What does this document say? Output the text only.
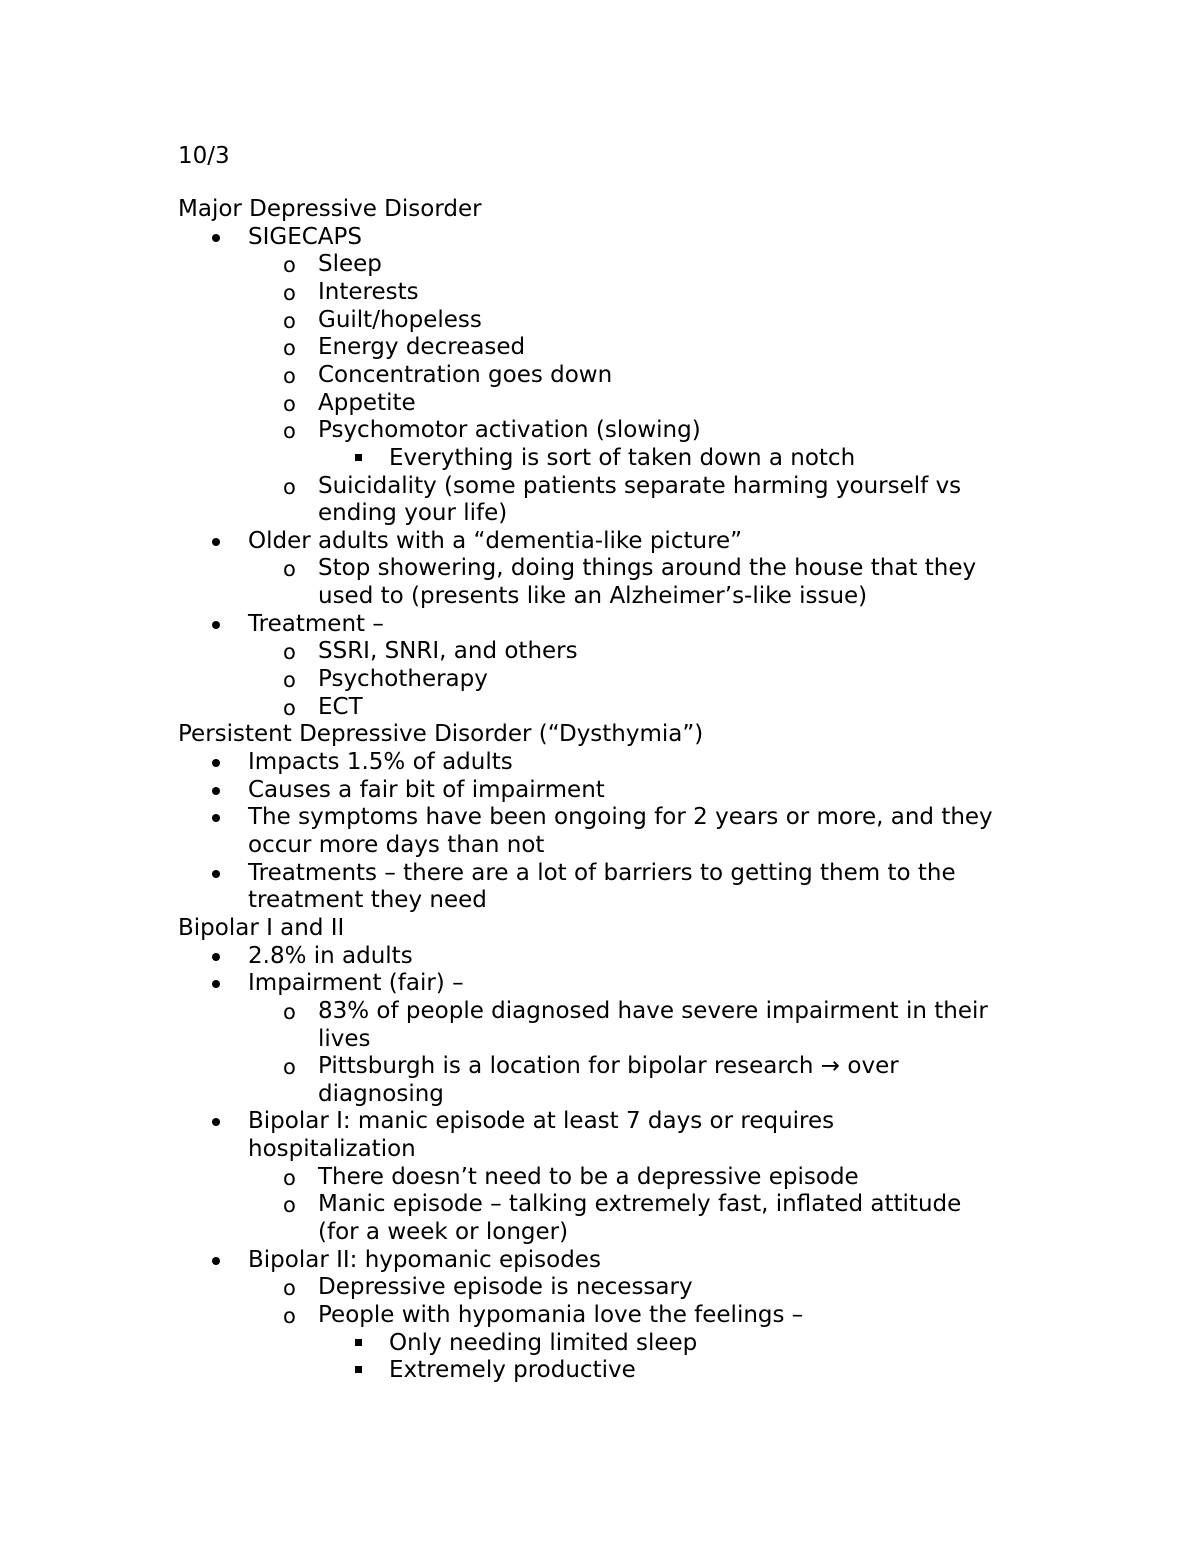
10/3
Major Depressive Disorder
SIGECAPS
Sleep
o
Interests
o
Guilt/hopeless
o
Energy decreased
o
Concentration goes down
o
Appetite
o
Psychomotor activation (slowing)
o
Everything is sort of taken down a notch
Suicidality (some patients separate harming yourself vs
o
ending your life)
Older adults with a “dementia-like picture”
Stop showering, doing things around the house that they
o
used to (presents like an Alzheimer’s-like issue)
Treatment –
SSRI, SNRI, and others
o
Psychotherapy
o
ECT
o
Persistent Depressive Disorder (“Dysthymia”)
Impacts 1.5% of adults
Causes a fair bit of impairment
The symptoms have been ongoing for 2 years or more, and they
occur more days than not
Treatments – there are a lot of barriers to getting them to the
treatment they need
Bipolar I and II
2.8% in adults
Impairment (fair) –
83% of people diagnosed have severe impairment in their
o
lives
Pittsburgh is a location for bipolar research → over
o
diagnosing
Bipolar I: manic episode at least 7 days or requires
hospitalization
There doesn’t need to be a depressive episode
o
Manic episode – talking extremely fast, inflated attitude
o
(for a week or longer)
Bipolar II: hypomanic episodes
Depressive episode is necessary
o
People with hypomania love the feelings –
o
Only needing limited sleep
Extremely productive
